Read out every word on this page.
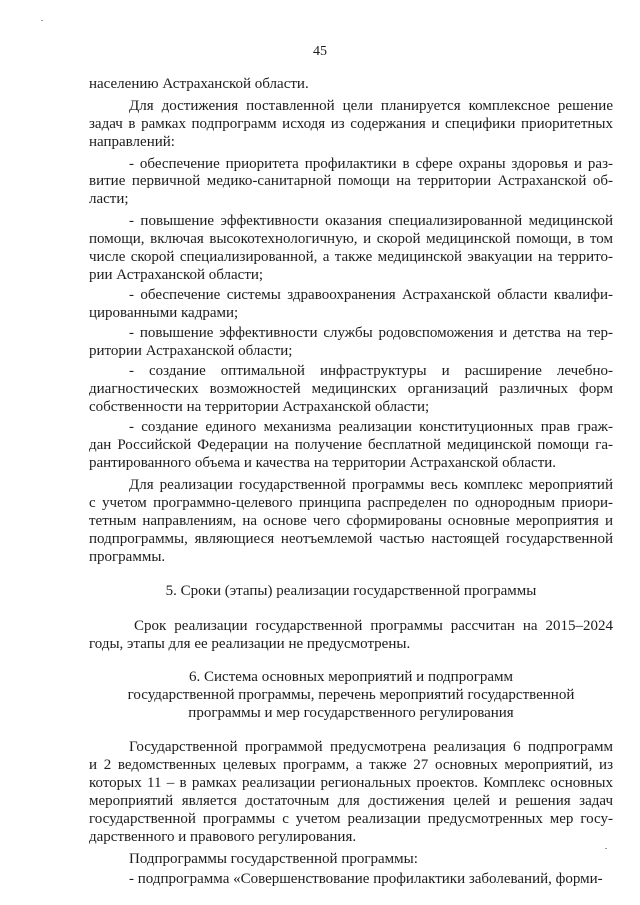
45
населению Астраханской области.
Для достижения поставленной цели планируется комплексное решение
задач в рамках подпрограмм исходя из содержания и специфики приоритетных
направлений:
- обеспечение приоритета профилактики в сфере охраны здоровья и раз-
витие первичной медико-санитарной помощи на территории Астраханской об-
ласти;
- повышение эффективности оказания специализированной медицинской
помощи, включая высокотехнологичную, и скорой медицинской помощи, в том
числе скорой специализированной, а также медицинской эвакуации на террито-
рии Астраханской области;
- обеспечение системы здравоохранения Астраханской области квалифи-
цированными кадрами;
- повышение эффективности службы родовспоможения и детства на тер-
ритории Астраханской области;
- создание оптимальной инфраструктуры и расширение лечебно-
диагностических возможностей медицинских организаций различных форм
собственности на территории Астраханской области;
- создание единого механизма реализации конституционных прав граж-
дан Российской Федерации на получение бесплатной медицинской помощи га-
рантированного объема и качества на территории Астраханской области.
Для реализации государственной программы весь комплекс мероприятий
с учетом программно-целевого принципа распределен по однородным приори-
тетным направлениям, на основе чего сформированы основные мероприятия и
подпрограммы, являющиеся неотъемлемой частью настоящей государственной
программы.
5. Сроки (этапы) реализации государственной программы
Срок реализации государственной программы рассчитан на 2015–2024
годы, этапы для ее реализации не предусмотрены.
6. Система основных мероприятий и подпрограмм
государственной программы, перечень мероприятий государственной
программы и мер государственного регулирования
Государственной программой предусмотрена реализация 6 подпрограмм
и 2 ведомственных целевых программ, а также 27 основных мероприятий, из
которых 11 – в рамках реализации региональных проектов. Комплекс основных
мероприятий является достаточным для достижения целей и решения задач
государственной программы с учетом реализации предусмотренных мер госу-
дарственного и правового регулирования.
Подпрограммы государственной программы:
- подпрограмма «Совершенствование профилактики заболеваний, форми-
